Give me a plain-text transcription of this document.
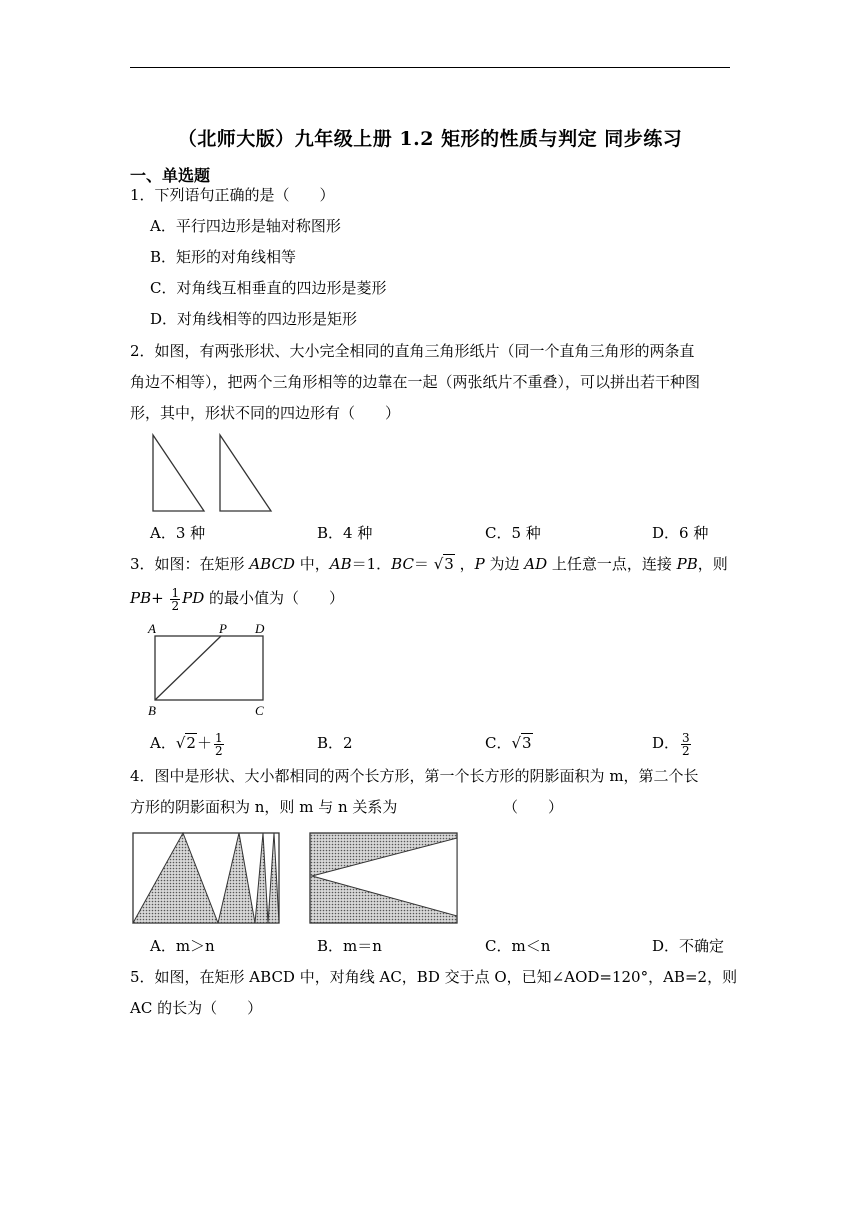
（北师大版）九年级上册 1.2 矩形的性质与判定 同步练习
一、单选题
1．下列语句正确的是（　　）
A．平行四边形是轴对称图形
B．矩形的对角线相等
C．对角线互相垂直的四边形是菱形
D．对角线相等的四边形是矩形
2．如图，有两张形状、大小完全相同的直角三角形纸片（同一个直角三角形的两条直
角边不相等），把两个三角形相等的边靠在一起（两张纸片不重叠），可以拼出若干种图
形，其中，形状不同的四边形有（　　）
A．3 种	B．4 种	C．5 种	D．6 种
3．如图：在矩形 ABCD 中，AB＝1．BC＝ √3 ，P 为边 AD 上任意一点，连接 PB，则
$PB+ \frac{1}{2}$ PD 的最小值为（　　）
A	P D
B	C
A．$√2+ \frac{1}{2}$	B．2	C．√3	D． $\frac{3}{2}$
4．图中是形状、大小都相同的两个长方形，第一个长方形的阴影面积为 m，第二个长
方形的阴影面积为 n，则 m 与 n 关系为	（　　）
A．m＞n	B．m＝n	C．m＜n	D．不确定
5．如图，在矩形 ABCD 中，对角线 AC，BD 交于点 O，已知∠AOD=120°，AB=2，则
AC 的长为（　　）
